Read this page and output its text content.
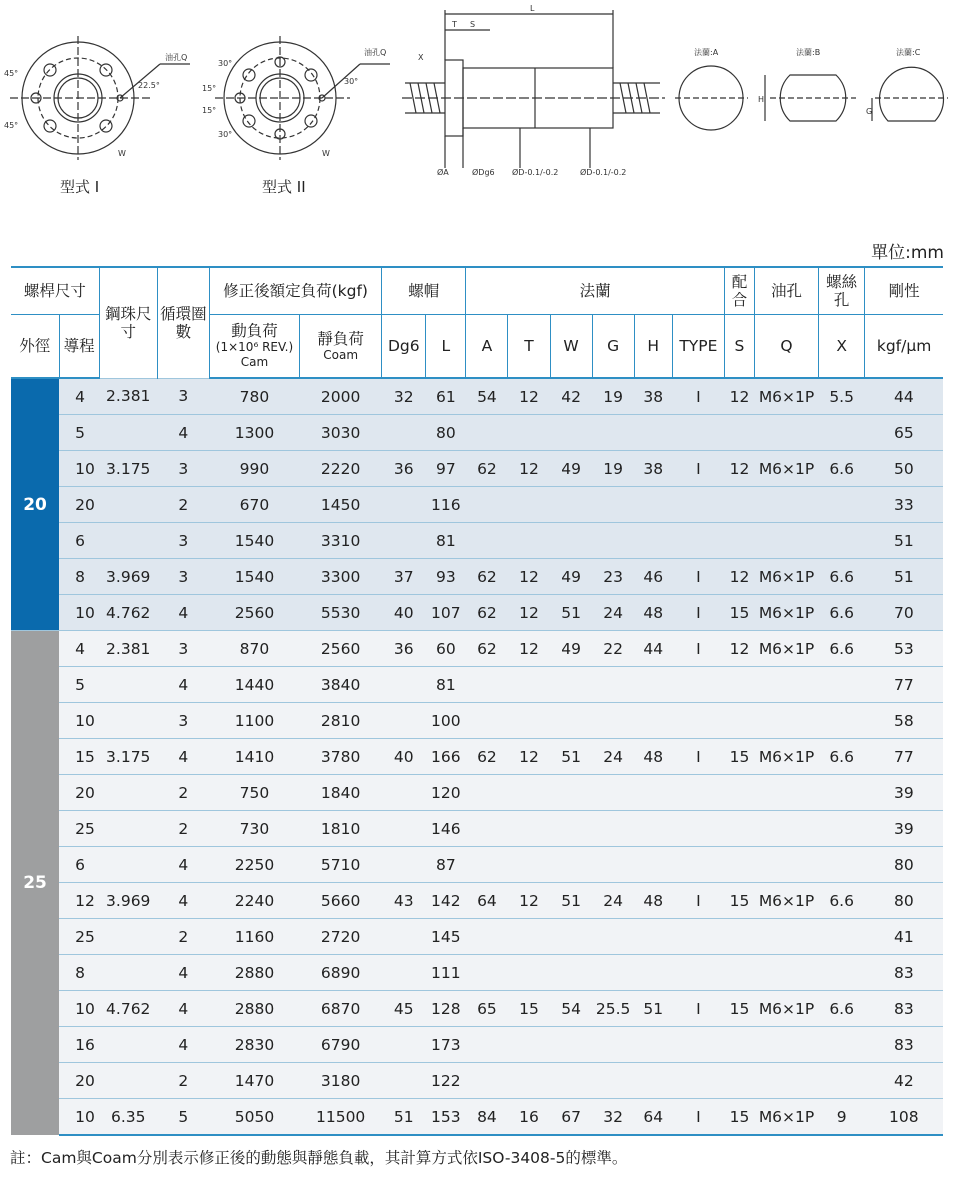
油孔Q
油孔Q
45°
45°
22.5°
30°
15°
15°
30°
30°
W	W
T S
L
X
ØA	ØDg6 ØD-0.1/-0.2	ØD-0.1/-0.2
法蘭:A	法蘭:B	法蘭:C
H
G
型式 I	型式 II
單位:mm
螺桿尺寸		鋼珠尺寸	循環圈數	修正後額定負荷(kgf)		螺帽		法蘭						配合	油孔	螺絲孔	剛性
外徑	導程			動負荷
(1×10⁶ REV.)
Cam	靜負荷

Coam	Dg6	L	A	T	W	G	H	TYPE	S	Q	X	kgf/μm
20	4	2.381	3	780	2000	32	61	54	12	42	19	38	I	12	M6×1P	5.5	44
	5		4	1300	3030		80										65
	10	3.175	3	990	2220	36	97	62	12	49	19	38	I	12	M6×1P	6.6	50
	20		2	670	1450		116										33
	6		3	1540	3310		81										51
	8	3.969	3	1540	3300	37	93	62	12	49	23	46	I	12	M6×1P	6.6	51
	10	4.762	4	2560	5530	40	107	62	12	51	24	48	I	15	M6×1P	6.6	70
25	4	2.381	3	870	2560	36	60	62	12	49	22	44	I	12	M6×1P	6.6	53
	5		4	1440	3840		81										77
	10		3	1100	2810		100										58
	15	3.175	4	1410	3780	40	166	62	12	51	24	48	I	15	M6×1P	6.6	77
	20		2	750	1840		120										39
	25		2	730	1810		146										39
	6		4	2250	5710		87										80
	12	3.969	4	2240	5660	43	142	64	12	51	24	48	I	15	M6×1P	6.6	80
	25		2	1160	2720		145										41
	8		4	2880	6890		111										83
	10	4.762	4	2880	6870	45	128	65	15	54	25.5	51	I	15	M6×1P	6.6	83
	16		4	2830	6790		173										83
	20		2	1470	3180		122										42
	10	6.35	5	5050	11500	51	153	84	16	67	32	64	I	15	M6×1P	9	108
註：Cam與Coam分別表示修正後的動態與靜態負載，其計算方式依ISO-3408-5的標準。
